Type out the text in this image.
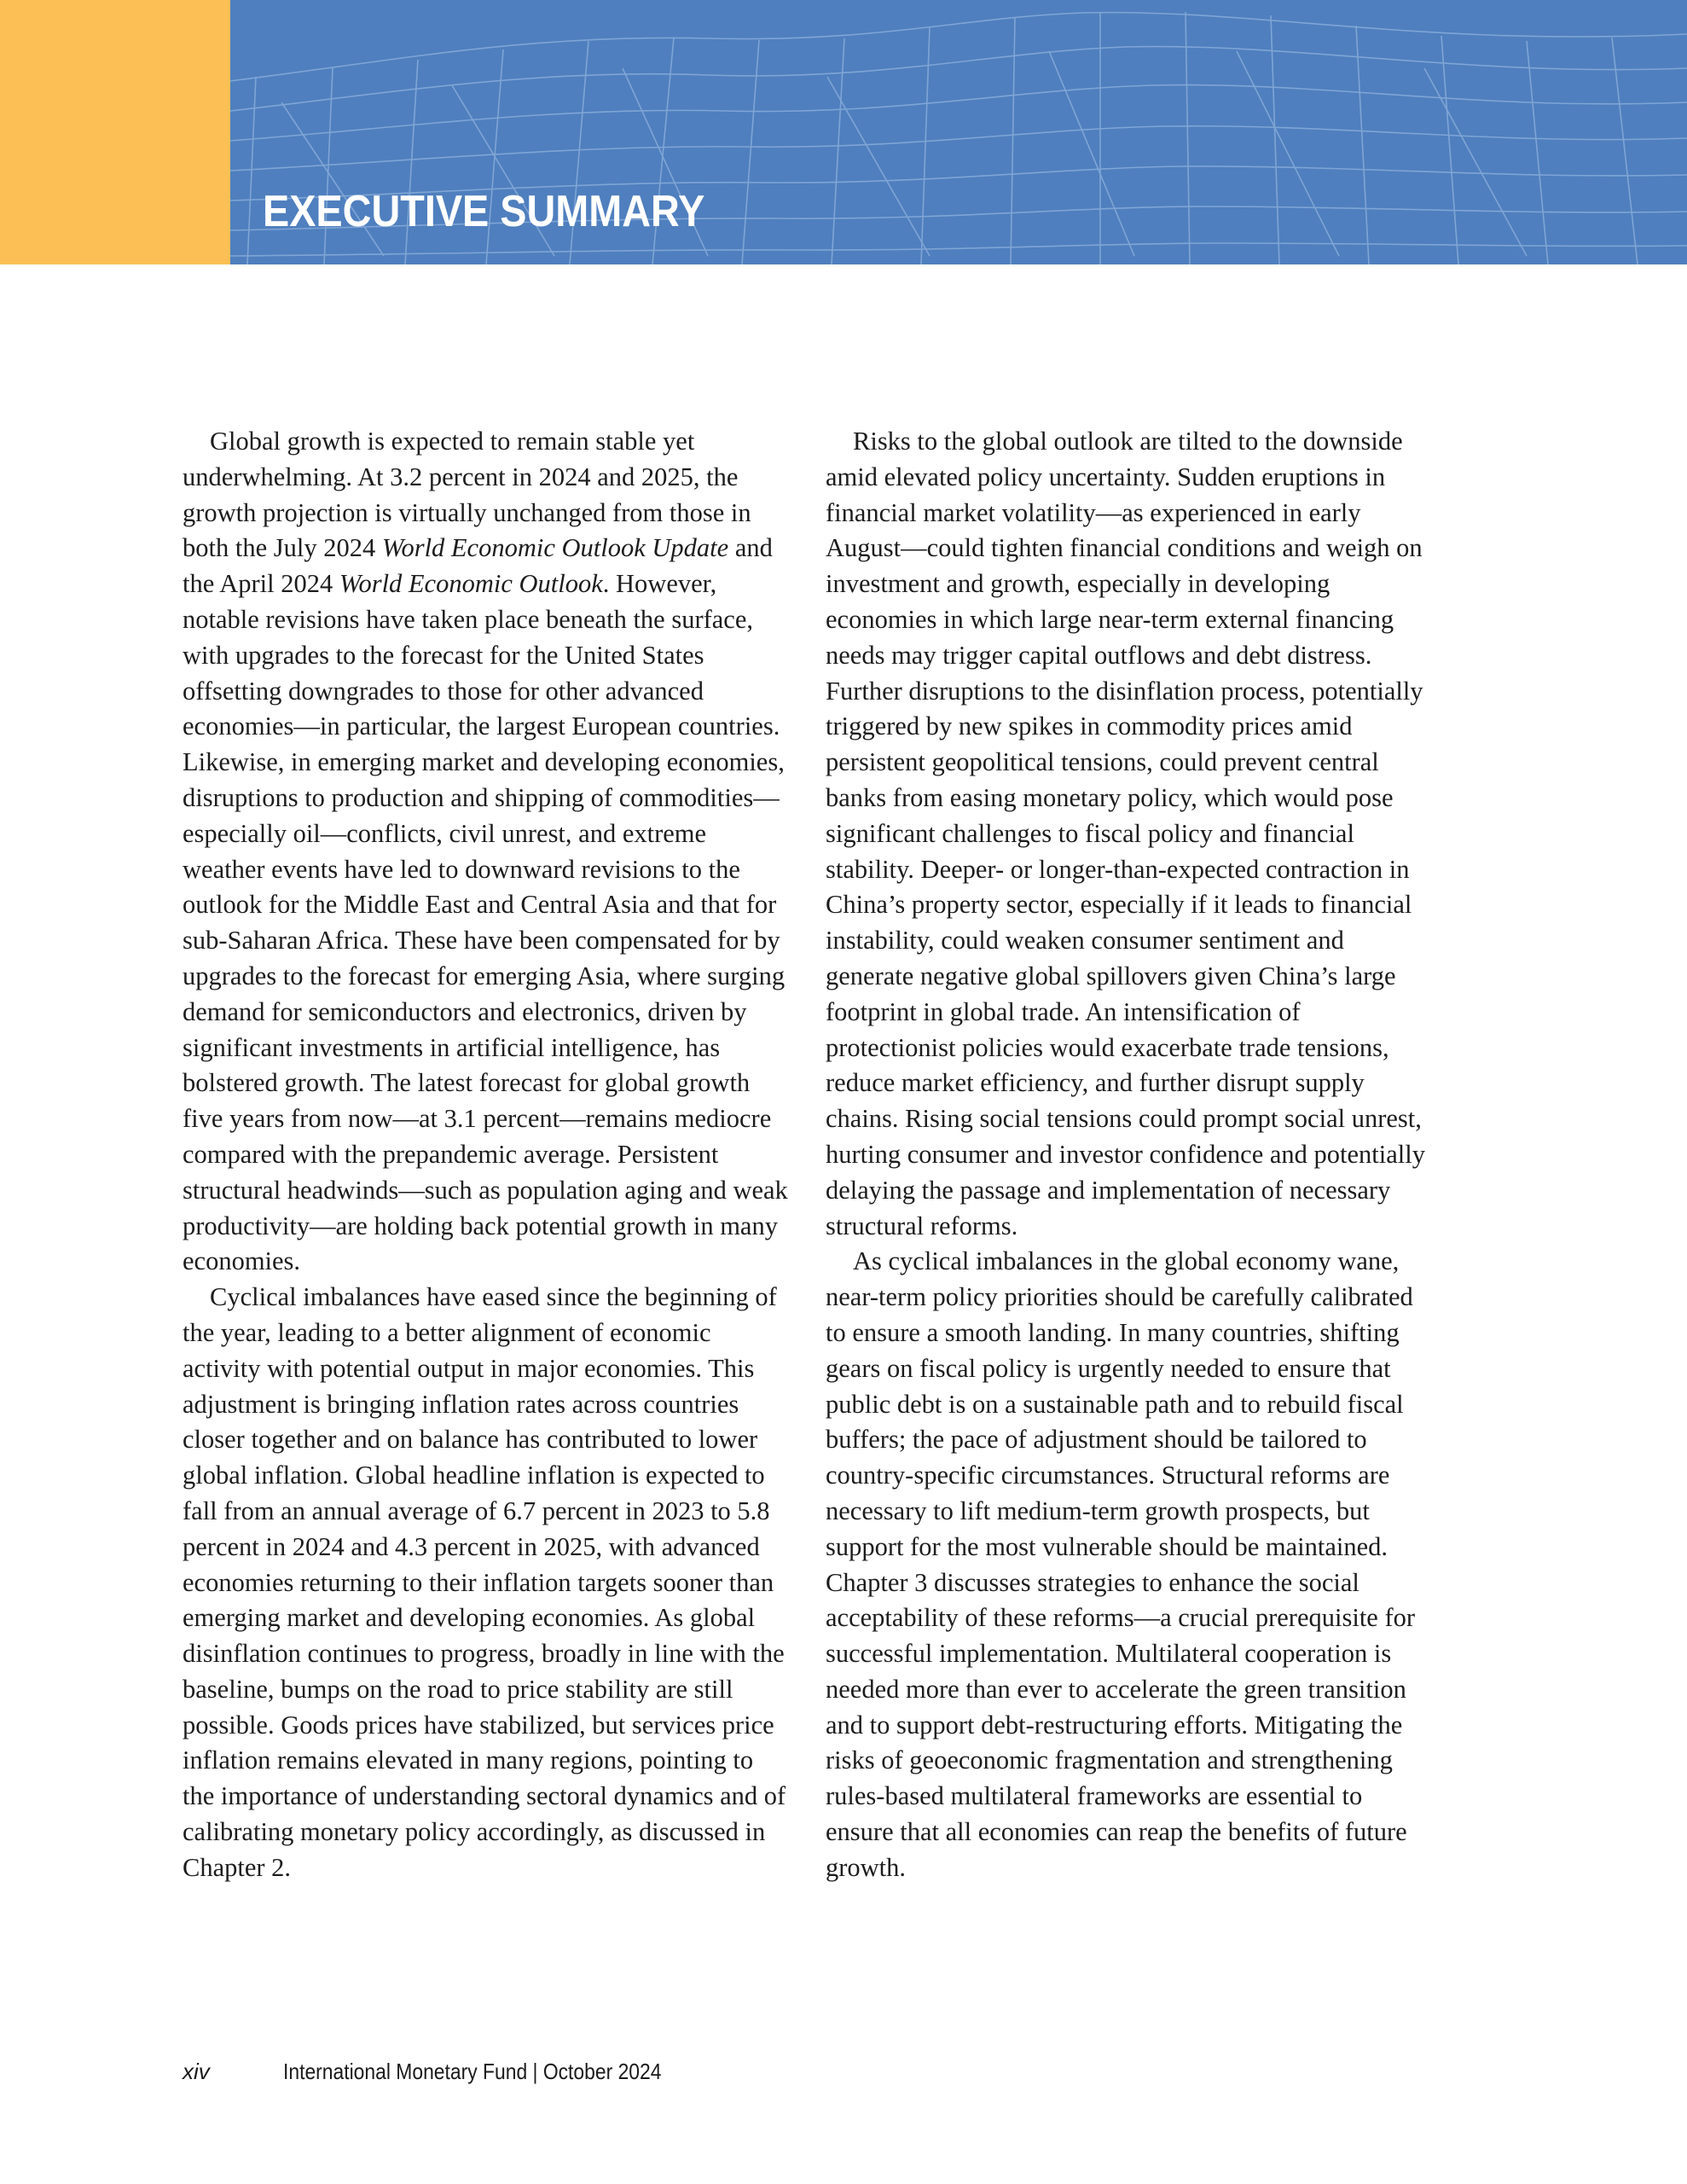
EXECUTIVE SUMMARY

Global growth is expected to remain stable yet underwhelming. At 3.2 percent in 2024 and 2025, the growth projection is virtually unchanged from those in both the July 2024 World Economic Outlook Update and the April 2024 World Economic Outlook. However, notable revisions have taken place beneath the surface, with upgrades to the forecast for the United States offsetting downgrades to those for other advanced economies—in particular, the largest European countries. Likewise, in emerging market and developing economies, disruptions to production and shipping of commodities—especially oil—conflicts, civil unrest, and extreme weather events have led to downward revisions to the outlook for the Middle East and Central Asia and that for sub-Saharan Africa. These have been compensated for by upgrades to the forecast for emerging Asia, where surging demand for semiconductors and electronics, driven by significant investments in artificial intelligence, has bolstered growth. The latest forecast for global growth five years from now—at 3.1 percent—remains mediocre compared with the prepandemic average. Persistent structural headwinds—such as population aging and weak productivity—are holding back potential growth in many economies.

Cyclical imbalances have eased since the beginning of the year, leading to a better alignment of economic activity with potential output in major economies. This adjustment is bringing inflation rates across countries closer together and on balance has contributed to lower global inflation. Global headline inflation is expected to fall from an annual average of 6.7 percent in 2023 to 5.8 percent in 2024 and 4.3 percent in 2025, with advanced economies returning to their inflation targets sooner than emerging market and developing economies. As global disinflation continues to progress, broadly in line with the baseline, bumps on the road to price stability are still possible. Goods prices have stabilized, but services price inflation remains elevated in many regions, pointing to the importance of understanding sectoral dynamics and of calibrating monetary policy accordingly, as discussed in Chapter 2.

Risks to the global outlook are tilted to the downside amid elevated policy uncertainty. Sudden eruptions in financial market volatility—as experienced in early August—could tighten financial conditions and weigh on investment and growth, especially in developing economies in which large near-term external financing needs may trigger capital outflows and debt distress. Further disruptions to the disinflation process, potentially triggered by new spikes in commodity prices amid persistent geopolitical tensions, could prevent central banks from easing monetary policy, which would pose significant challenges to fiscal policy and financial stability. Deeper- or longer-than-expected contraction in China’s property sector, especially if it leads to financial instability, could weaken consumer sentiment and generate negative global spillovers given China’s large footprint in global trade. An intensification of protectionist policies would exacerbate trade tensions, reduce market efficiency, and further disrupt supply chains. Rising social tensions could prompt social unrest, hurting consumer and investor confidence and potentially delaying the passage and implementation of necessary structural reforms.

As cyclical imbalances in the global economy wane, near-term policy priorities should be carefully calibrated to ensure a smooth landing. In many countries, shifting gears on fiscal policy is urgently needed to ensure that public debt is on a sustainable path and to rebuild fiscal buffers; the pace of adjustment should be tailored to country-specific circumstances. Structural reforms are necessary to lift medium-term growth prospects, but support for the most vulnerable should be maintained. Chapter 3 discusses strategies to enhance the social acceptability of these reforms—a crucial prerequisite for successful implementation. Multilateral cooperation is needed more than ever to accelerate the green transition and to support debt-restructuring efforts. Mitigating the risks of geoeconomic fragmentation and strengthening rules-based multilateral frameworks are essential to ensure that all economies can reap the benefits of future growth.

xiv	International Monetary Fund | October 2024
